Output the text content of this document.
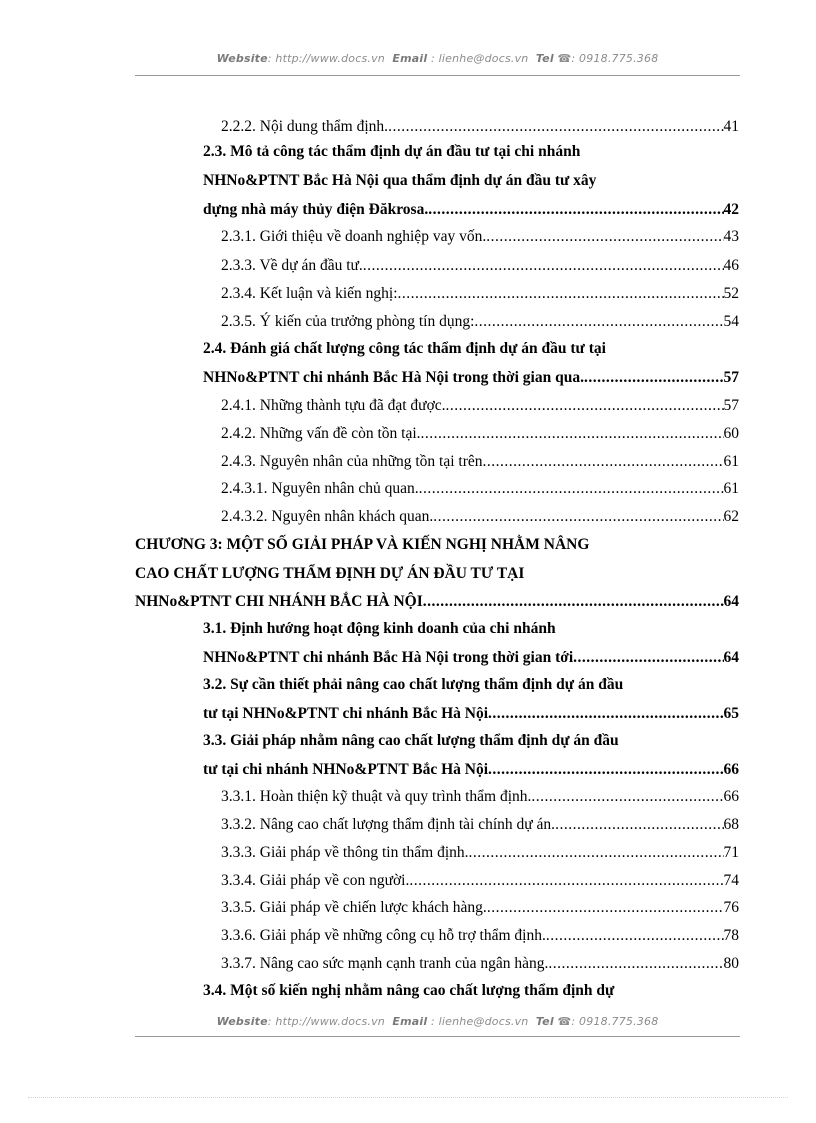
Website: http://www.docs.vn Email : lienhe@docs.vn Tel ☎: 0918.775.368
2.2.2. Nội dung thẩm định. .....	41
2.3. Mô tả công tác thẩm định dự án đầu tư tại chi nhánh
NHNo&PTNT Bắc Hà Nội qua thẩm định dự án đầu tư xây
dựng nhà máy thủy điện Đăkrosa. .....	42
2.3.1. Giới thiệu về doanh nghiệp vay vốn. .....	43
2.3.3. Về dự án đầu tư. .....	46
2.3.4. Kết luận và kiến nghị: .....	52
2.3.5. Ý kiến của trưởng phòng tín dụng: .....	54
2.4. Đánh giá chất lượng công tác thẩm định dự án đầu tư tại
NHNo&PTNT chi nhánh Bắc Hà Nội trong thời gian qua. .....	57
2.4.1. Những thành tựu đã đạt được. .....	57
2.4.2. Những vấn đề còn tồn tại. .....	60
2.4.3. Nguyên nhân của những tồn tại trên .....	61
2.4.3.1. Nguyên nhân chủ quan. .....	61
2.4.3.2. Nguyên nhân khách quan. .....	62
CHƯƠNG 3: MỘT SỐ GIẢI PHÁP VÀ KIẾN NGHỊ NHẰM NÂNG
CAO CHẤT LƯỢNG THẨM ĐỊNH DỰ ÁN ĐẦU TƯ TẠI
NHNo&PTNT CHI NHÁNH BẮC HÀ NỘI .....	64
3.1. Định hướng hoạt động kinh doanh của chi nhánh
NHNo&PTNT chi nhánh Bắc Hà Nội trong thời gian tới .....	64
3.2. Sự cần thiết phải nâng cao chất lượng thẩm định dự án đầu
tư tại NHNo&PTNT chi nhánh Bắc Hà Nội .....	65
3.3. Giải pháp nhằm nâng cao chất lượng thẩm định dự án đầu
tư tại chi nhánh NHNo&PTNT Bắc Hà Nội .....	66
3.3.1. Hoàn thiện kỹ thuật và quy trình thẩm định. .....	66
3.3.2. Nâng cao chất lượng thẩm định tài chính dự án. .....	68
3.3.3. Giải pháp về thông tin thẩm định. .....	71
3.3.4. Giải pháp về con người. .....	74
3.3.5. Giải pháp về chiến lược khách hàng. .....	76
3.3.6. Giải pháp về những công cụ hỗ trợ thẩm định. .....	78
3.3.7. Nâng cao sức mạnh cạnh tranh của ngân hàng. .....	80
3.4. Một số kiến nghị nhằm nâng cao chất lượng thẩm định dự
Website: http://www.docs.vn Email : lienhe@docs.vn Tel ☎: 0918.775.368
